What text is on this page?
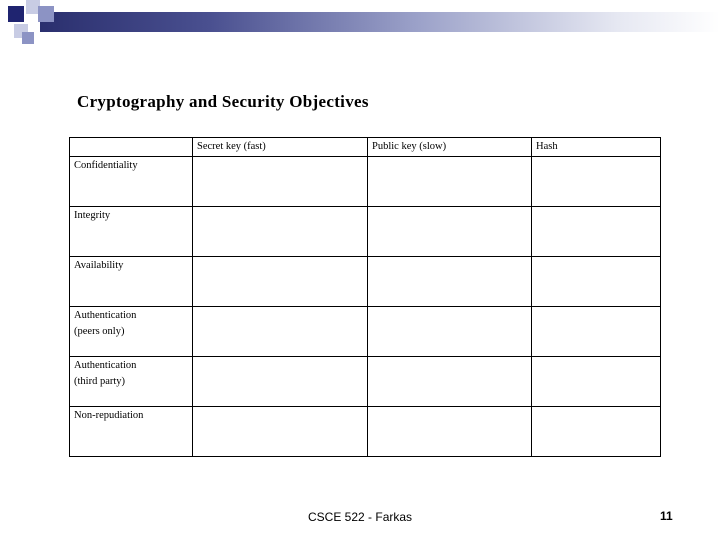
Cryptography and Security Objectives

		Secret key (fast)	Public key (slow)	Hash

Confidentiality				

Integrity				

Availability				

Authentication
(peers only)				

Authentication
(third party)				

Non-repudiation				

CSCE 522 - Farkas	11
